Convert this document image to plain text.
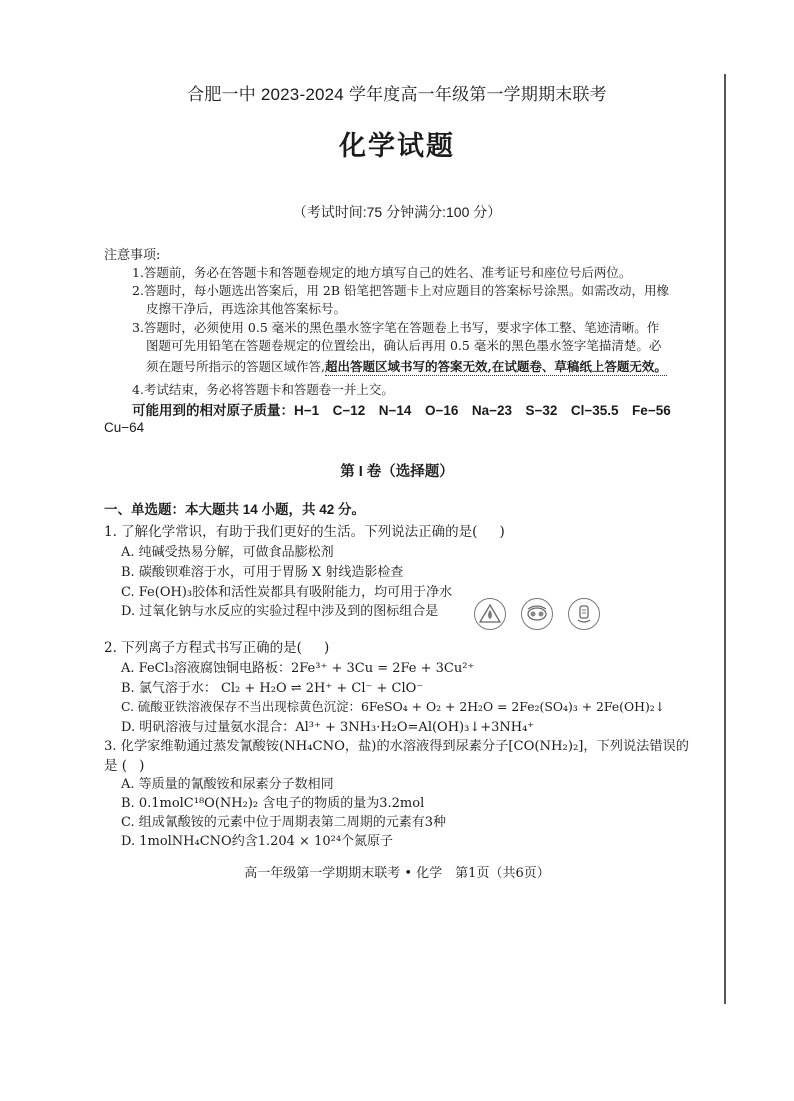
合肥一中 2023-2024 学年度高一年级第一学期期末联考
化学试题
（考试时间:75 分钟满分:100 分）
注意事项:
1.答题前，务必在答题卡和答题卷规定的地方填写自己的姓名、准考证号和座位号后两位。
2.答题时，每小题选出答案后，用 2B 铅笔把答题卡上对应题目的答案标号涂黑。如需改动，用橡
皮擦干净后，再选涂其他答案标号。
3.答题时，必须使用 0.5 毫米的黑色墨水签字笔在答题卷上书写，要求字体工整、笔迹清晰。作
图题可先用铅笔在答题卷规定的位置绘出，确认后再用 0.5 毫米的黑色墨水签字笔描清楚。必
须在题号所指示的答题区域作答,超出答题区域书写的答案无效,在试题卷、草稿纸上答题无效。
4.考试结束，务必将答题卡和答题卷一并上交。
可能用到的相对原子质量：H−1　C−12　N−14　O−16　Na−23　S−32　Cl−35.5　Fe−56
Cu−64
第 I 卷（选择题）
一、单选题：本大题共 14 小题，共 42 分。
1. 了解化学常识，有助于我们更好的生活。下列说法正确的是( )
A. 纯碱受热易分解，可做食品膨松剂
B. 碳酸钡难溶于水，可用于胃肠 X 射线造影检查
C. Fe(OH)₃胶体和活性炭都具有吸附能力，均可用于净水
D. 过氧化钠与水反应的实验过程中涉及到的图标组合是
2. 下列离子方程式书写正确的是( )
A. FeCl₃溶液腐蚀铜电路板：2Fe³⁺ + 3Cu = 2Fe + 3Cu²⁺
B. 氯气溶于水： Cl₂ + H₂O ⇌ 2H⁺ + Cl⁻ + ClO⁻
C. 硫酸亚铁溶液保存不当出现棕黄色沉淀：6FeSO₄ + O₂ + 2H₂O = 2Fe₂(SO₄)₃ + 2Fe(OH)₂↓
D. 明矾溶液与过量氨水混合：Al³⁺ + 3NH₃·H₂O=Al(OH)₃↓+3NH₄⁺
3. 化学家维勒通过蒸发氰酸铵(NH₄CNO，盐)的水溶液得到尿素分子[CO(NH₂)₂]，下列说法错误的
是 ( )
A. 等质量的氰酸铵和尿素分子数相同
B. 0.1molC¹⁸O(NH₂)₂ 含电子的物质的量为3.2mol
C. 组成氰酸铵的元素中位于周期表第二周期的元素有3种
D. 1molNH₄CNO约含1.204 × 10²⁴个氮原子
高一年级第一学期期末联考 • 化学　第1页（共6页）
